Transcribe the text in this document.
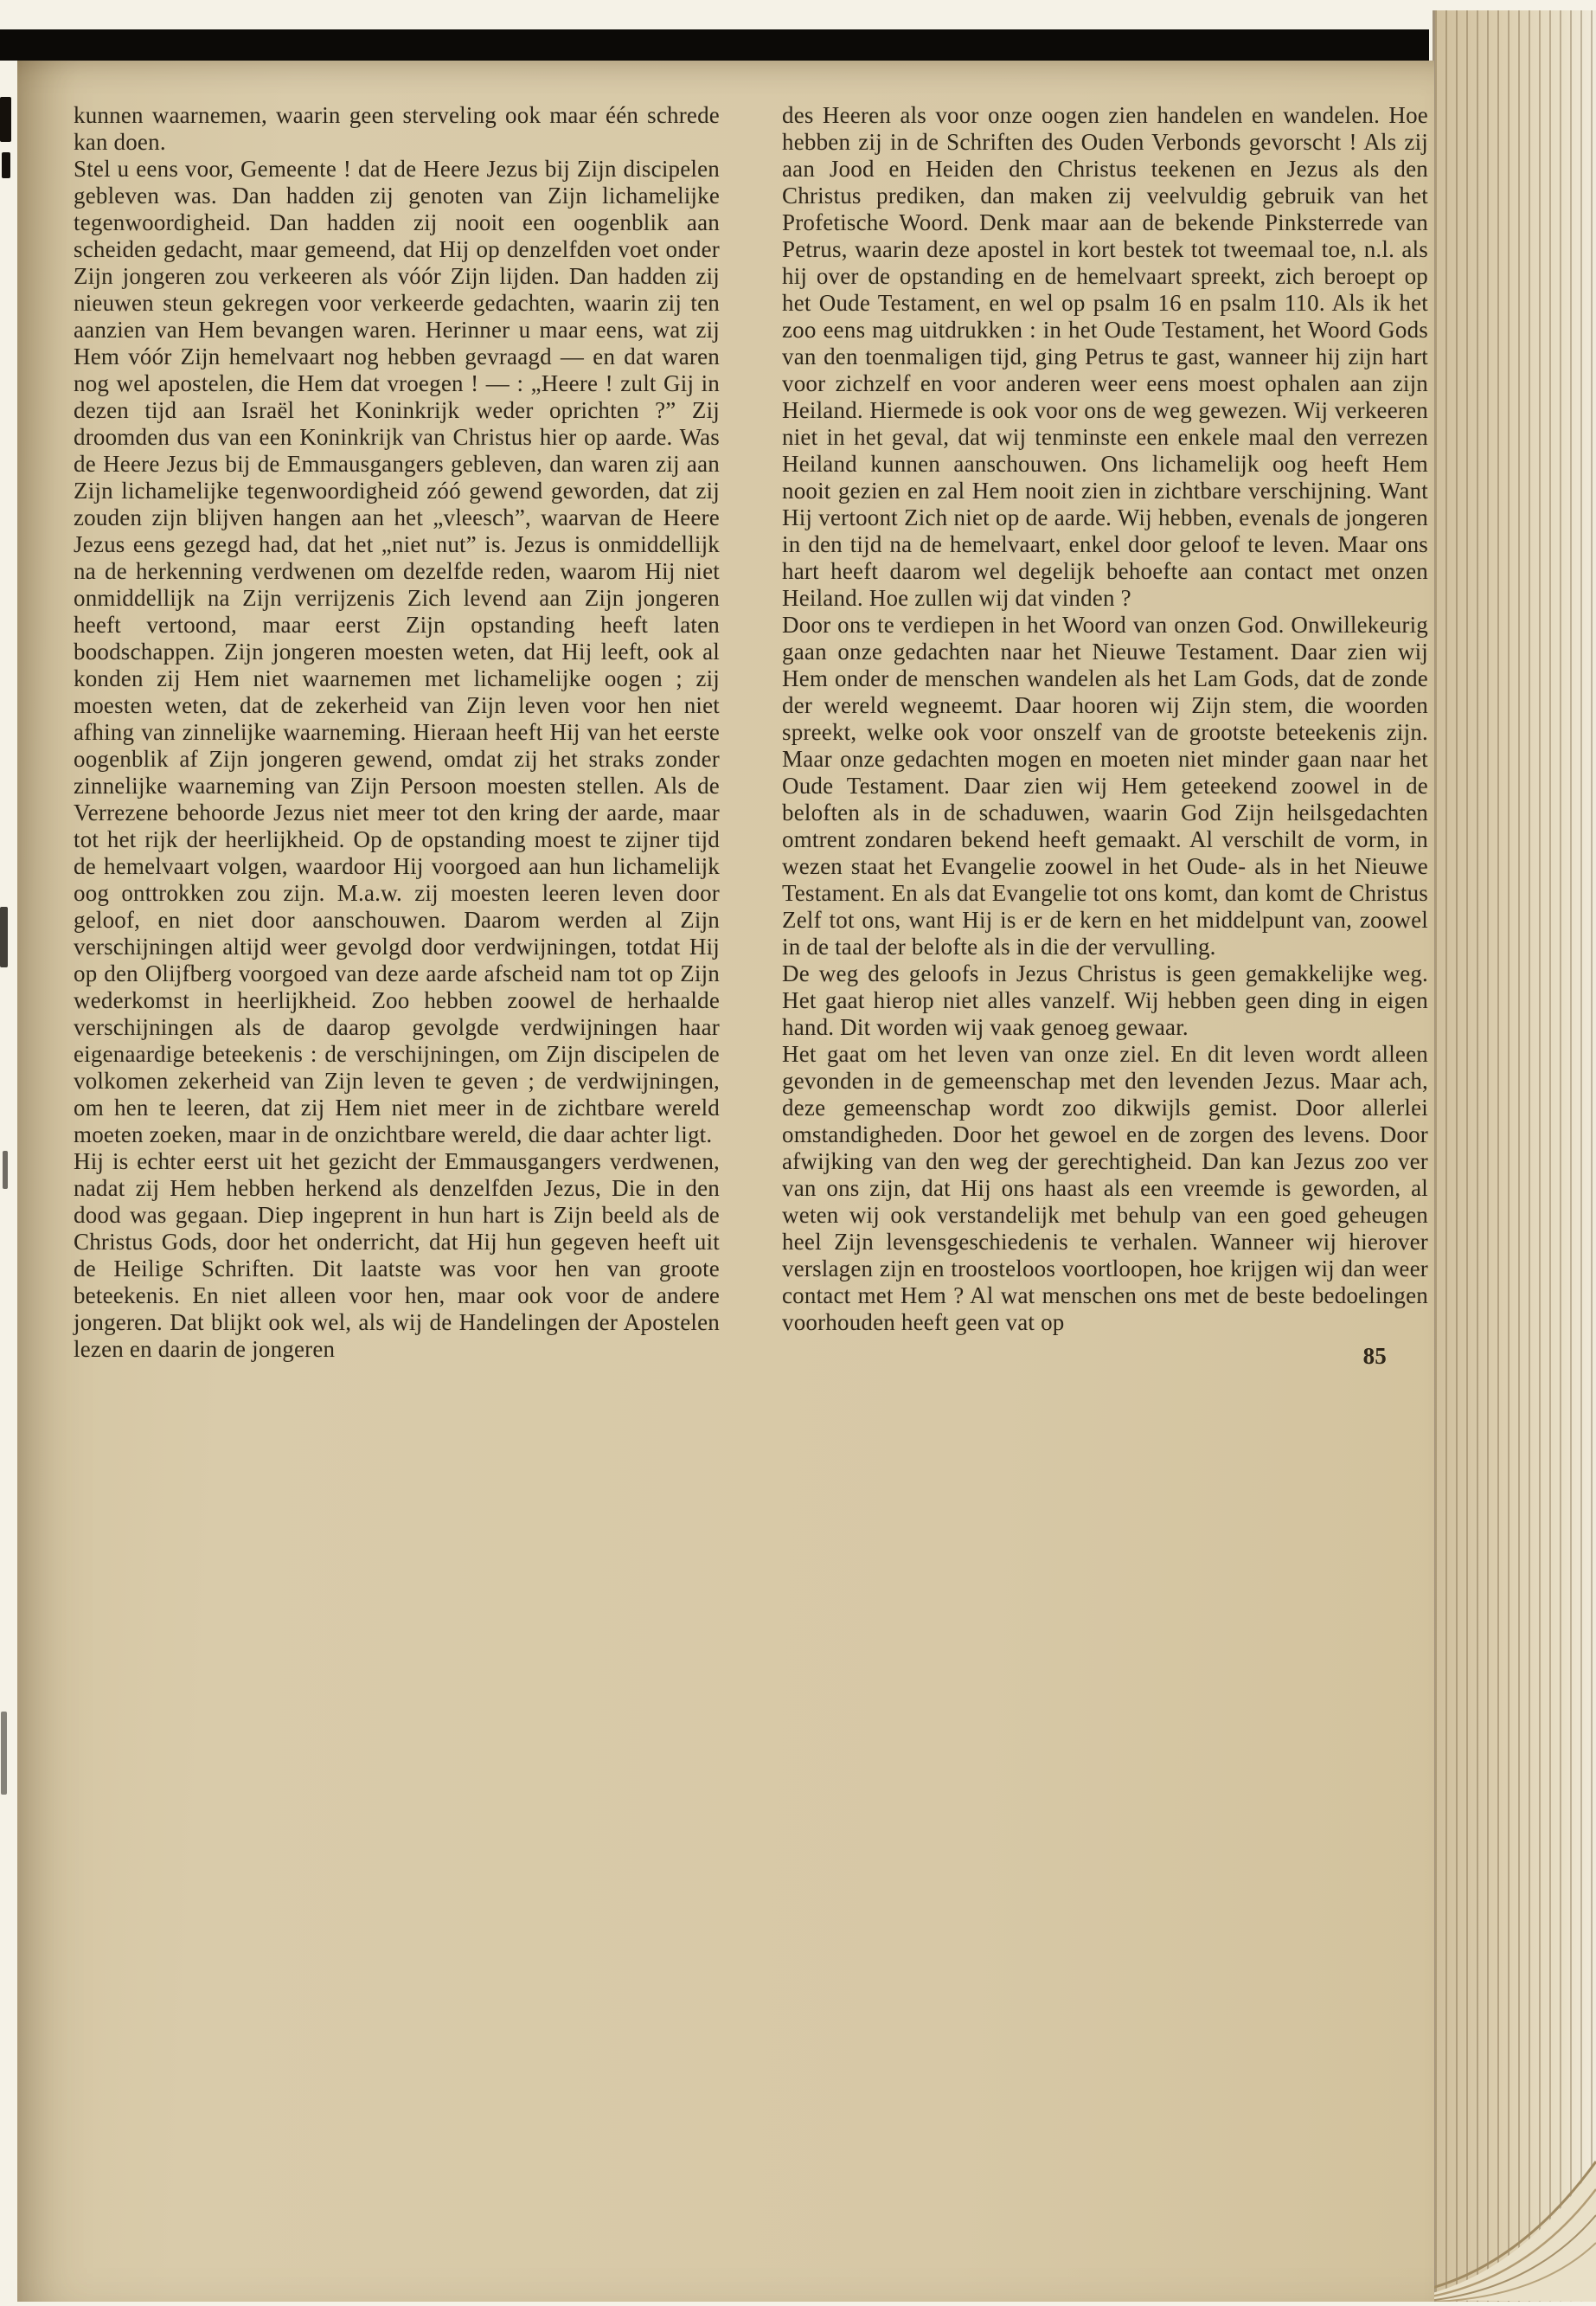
kunnen waarnemen, waarin geen sterveling ook maar één schrede kan doen.

Stel u eens voor, Gemeente ! dat de Heere Jezus bij Zijn discipelen gebleven was. Dan hadden zij genoten van Zijn lichamelijke tegenwoordigheid. Dan hadden zij nooit een oogenblik aan scheiden gedacht, maar gemeend, dat Hij op denzelfden voet onder Zijn jongeren zou verkeeren als vóór Zijn lijden. Dan hadden zij nieuwen steun gekregen voor verkeerde gedachten, waarin zij ten aanzien van Hem bevangen waren. Herinner u maar eens, wat zij Hem vóór Zijn hemelvaart nog hebben gevraagd — en dat waren nog wel apostelen, die Hem dat vroegen ! — : „Heere ! zult Gij in dezen tijd aan Israël het Koninkrijk weder oprichten ?” Zij droomden dus van een Koninkrijk van Christus hier op aarde. Was de Heere Jezus bij de Emmausgangers gebleven, dan waren zij aan Zijn lichamelijke tegenwoordigheid zóó gewend geworden, dat zij zouden zijn blijven hangen aan het „vleesch”, waarvan de Heere Jezus eens gezegd had, dat het „niet nut” is. Jezus is onmiddellijk na de herkenning verdwenen om dezelfde reden, waarom Hij niet onmiddellijk na Zijn verrijzenis Zich levend aan Zijn jongeren heeft vertoond, maar eerst Zijn opstanding heeft laten boodschappen. Zijn jongeren moesten weten, dat Hij leeft, ook al konden zij Hem niet waarnemen met lichamelijke oogen ; zij moesten weten, dat de zekerheid van Zijn leven voor hen niet afhing van zinnelijke waarneming. Hieraan heeft Hij van het eerste oogenblik af Zijn jongeren gewend, omdat zij het straks zonder zinnelijke waarneming van Zijn Persoon moesten stellen. Als de Verrezene behoorde Jezus niet meer tot den kring der aarde, maar tot het rijk der heerlijkheid. Op de opstanding moest te zijner tijd de hemelvaart volgen, waardoor Hij voorgoed aan hun lichamelijk oog onttrokken zou zijn. M.a.w. zij moesten leeren leven door geloof, en niet door aanschouwen. Daarom werden al Zijn verschijningen altijd weer gevolgd door verdwijningen, totdat Hij op den Olijfberg voorgoed van deze aarde afscheid nam tot op Zijn wederkomst in heerlijkheid. Zoo hebben zoowel de herhaalde verschijningen als de daarop gevolgde verdwijningen haar eigenaardige beteekenis : de verschijningen, om Zijn discipelen de volkomen zekerheid van Zijn leven te geven ; de verdwijningen, om hen te leeren, dat zij Hem niet meer in de zichtbare wereld moeten zoeken, maar in de onzichtbare wereld, die daar achter ligt.

Hij is echter eerst uit het gezicht der Emmausgangers verdwenen, nadat zij Hem hebben herkend als denzelfden Jezus, Die in den dood was gegaan. Diep ingeprent in hun hart is Zijn beeld als de Christus Gods, door het onderricht, dat Hij hun gegeven heeft uit de Heilige Schriften. Dit laatste was voor hen van groote beteekenis. En niet alleen voor hen, maar ook voor de andere jongeren. Dat blijkt ook wel, als wij de Handelingen der Apostelen lezen en daarin de jongeren

des Heeren als voor onze oogen zien handelen en wandelen. Hoe hebben zij in de Schriften des Ouden Verbonds gevorscht ! Als zij aan Jood en Heiden den Christus teekenen en Jezus als den Christus prediken, dan maken zij veelvuldig gebruik van het Profetische Woord. Denk maar aan de bekende Pinksterrede van Petrus, waarin deze apostel in kort bestek tot tweemaal toe, n.l. als hij over de opstanding en de hemelvaart spreekt, zich beroept op het Oude Testament, en wel op psalm 16 en psalm 110. Als ik het zoo eens mag uitdrukken : in het Oude Testament, het Woord Gods van den toenmaligen tijd, ging Petrus te gast, wanneer hij zijn hart voor zichzelf en voor anderen weer eens moest ophalen aan zijn Heiland. Hiermede is ook voor ons de weg gewezen. Wij verkeeren niet in het geval, dat wij tenminste een enkele maal den verrezen Heiland kunnen aanschouwen. Ons lichamelijk oog heeft Hem nooit gezien en zal Hem nooit zien in zichtbare verschijning. Want Hij vertoont Zich niet op de aarde. Wij hebben, evenals de jongeren in den tijd na de hemelvaart, enkel door geloof te leven. Maar ons hart heeft daarom wel degelijk behoefte aan contact met onzen Heiland. Hoe zullen wij dat vinden ?

Door ons te verdiepen in het Woord van onzen God. Onwillekeurig gaan onze gedachten naar het Nieuwe Testament. Daar zien wij Hem onder de menschen wandelen als het Lam Gods, dat de zonde der wereld wegneemt. Daar hooren wij Zijn stem, die woorden spreekt, welke ook voor onszelf van de grootste beteekenis zijn. Maar onze gedachten mogen en moeten niet minder gaan naar het Oude Testament. Daar zien wij Hem geteekend zoowel in de beloften als in de schaduwen, waarin God Zijn heilsgedachten omtrent zondaren bekend heeft gemaakt. Al verschilt de vorm, in wezen staat het Evangelie zoowel in het Oude- als in het Nieuwe Testament. En als dat Evangelie tot ons komt, dan komt de Christus Zelf tot ons, want Hij is er de kern en het middelpunt van, zoowel in de taal der belofte als in die der vervulling.

De weg des geloofs in Jezus Christus is geen gemakkelijke weg. Het gaat hierop niet alles vanzelf. Wij hebben geen ding in eigen hand. Dit worden wij vaak genoeg gewaar.

Het gaat om het leven van onze ziel. En dit leven wordt alleen gevonden in de gemeenschap met den levenden Jezus. Maar ach, deze gemeenschap wordt zoo dikwijls gemist. Door allerlei omstandigheden. Door het gewoel en de zorgen des levens. Door afwijking van den weg der gerechtigheid. Dan kan Jezus zoo ver van ons zijn, dat Hij ons haast als een vreemde is geworden, al weten wij ook verstandelijk met behulp van een goed geheugen heel Zijn levensgeschiedenis te verhalen. Wanneer wij hierover verslagen zijn en troosteloos voortloopen, hoe krijgen wij dan weer contact met Hem ? Al wat menschen ons met de beste bedoelingen voorhouden heeft geen vat op

85
